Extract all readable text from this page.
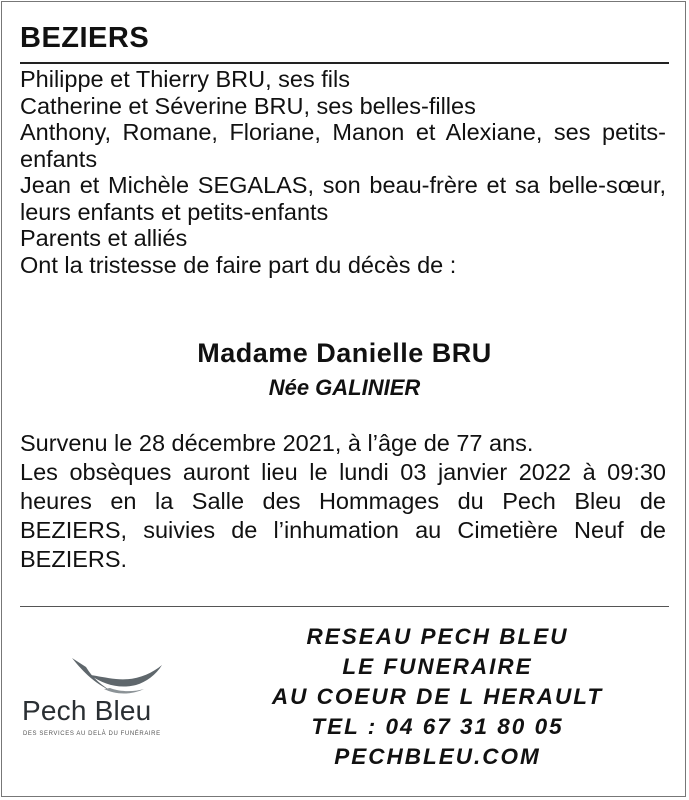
BEZIERS
Philippe et Thierry BRU, ses fils
Catherine et Séverine BRU, ses belles-filles
Anthony, Romane, Floriane, Manon et Alexiane, ses petits-enfants
Jean et Michèle SEGALAS, son beau-frère et sa belle-sœur, leurs enfants et petits-enfants
Parents et alliés
Ont la tristesse de faire part du décès de :
Madame Danielle BRU
Née GALINIER
Survenu le 28 décembre 2021, à l’âge de 77 ans.
Les obsèques auront lieu le lundi 03 janvier 2022 à 09:30 heures en la Salle des Hommages du Pech Bleu de BEZIERS, suivies de l’inhumation au Cimetière Neuf de BEZIERS.
Pech Bleu
DES SERVICES AU DELÀ DU FUNÉRAIRE
RESEAU PECH BLEU
LE FUNERAIRE
AU COEUR DE L HERAULT
TEL : 04 67 31 80 05
PECHBLEU.COM
